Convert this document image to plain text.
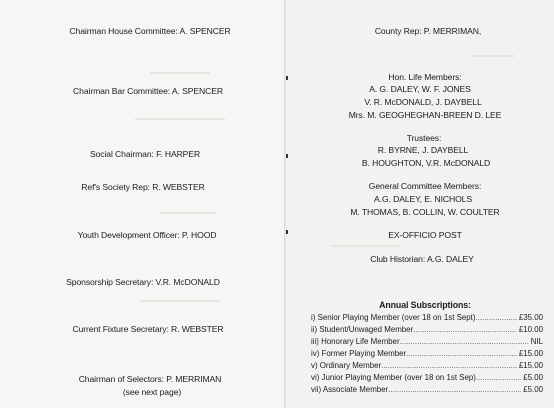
Chairman House Committee: A. SPENCER
Chairman Bar Committee: A. SPENCER
Social Chairman: F. HARPER
Ref's Society Rep: R. WEBSTER
Youth Development Officer: P. HOOD
Sponsorship Secretary: V.R. McDONALD
Current Fixture Secretary: R. WEBSTER
Chairman of Selectors: P. MERRIMAN
(see next page)
County Rep: P. MERRIMAN,
Hon. Life Members:
A. G. DALEY, W. F. JONES
V. R. McDONALD, J. DAYBELL
Mrs. M. GEOGHEGHAN-BREEN D. LEE
Trustees:
R. BYRNE, J. DAYBELL
B. HOUGHTON, V.R. McDONALD
General Committee Members:
A.G. DALEY, E. NICHOLS
M. THOMAS, B. COLLIN, W. COULTER
EX-OFFICIO POST
Club Historian: A.G. DALEY
Annual Subscriptions:
i) Senior Playing Member (over 18 on 1st Sept) .....	£35.00
ii) Student/Unwaged Member .....	£10.00
iii) Honorary Life Member .....	NIL
iv) Former Playing Member .....	£15.00
v) Ordinary Member .....	£15.00
vi) Junior Playing Member (over 18 on 1st Sep) .....	£5.00
vii) Associate Member .....	£5.00
